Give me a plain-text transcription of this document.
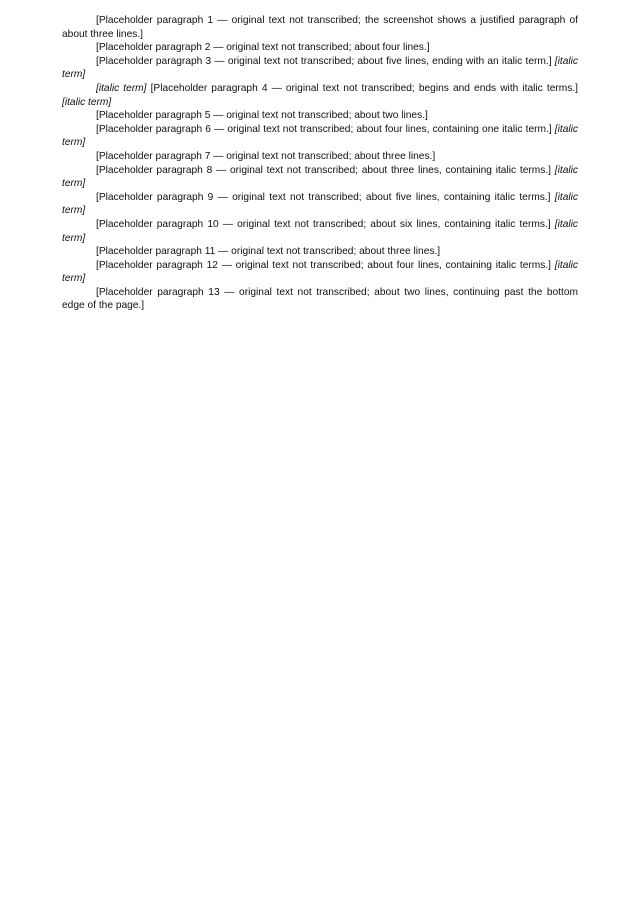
[Placeholder paragraph 1 — original text not transcribed; the screenshot shows a justified paragraph of about three lines.]

[Placeholder paragraph 2 — original text not transcribed; about four lines.]

[Placeholder paragraph 3 — original text not transcribed; about five lines, ending with an italic term.] [italic term]

[italic term] [Placeholder paragraph 4 — original text not transcribed; begins and ends with italic terms.] [italic term]

[Placeholder paragraph 5 — original text not transcribed; about two lines.]

[Placeholder paragraph 6 — original text not transcribed; about four lines, containing one italic term.] [italic term]

[Placeholder paragraph 7 — original text not transcribed; about three lines.]

[Placeholder paragraph 8 — original text not transcribed; about three lines, containing italic terms.] [italic term]

[Placeholder paragraph 9 — original text not transcribed; about five lines, containing italic terms.] [italic term]

[Placeholder paragraph 10 — original text not transcribed; about six lines, containing italic terms.] [italic term]

[Placeholder paragraph 11 — original text not transcribed; about three lines.]

[Placeholder paragraph 12 — original text not transcribed; about four lines, containing italic terms.] [italic term]

[Placeholder paragraph 13 — original text not transcribed; about two lines, continuing past the bottom edge of the page.]
